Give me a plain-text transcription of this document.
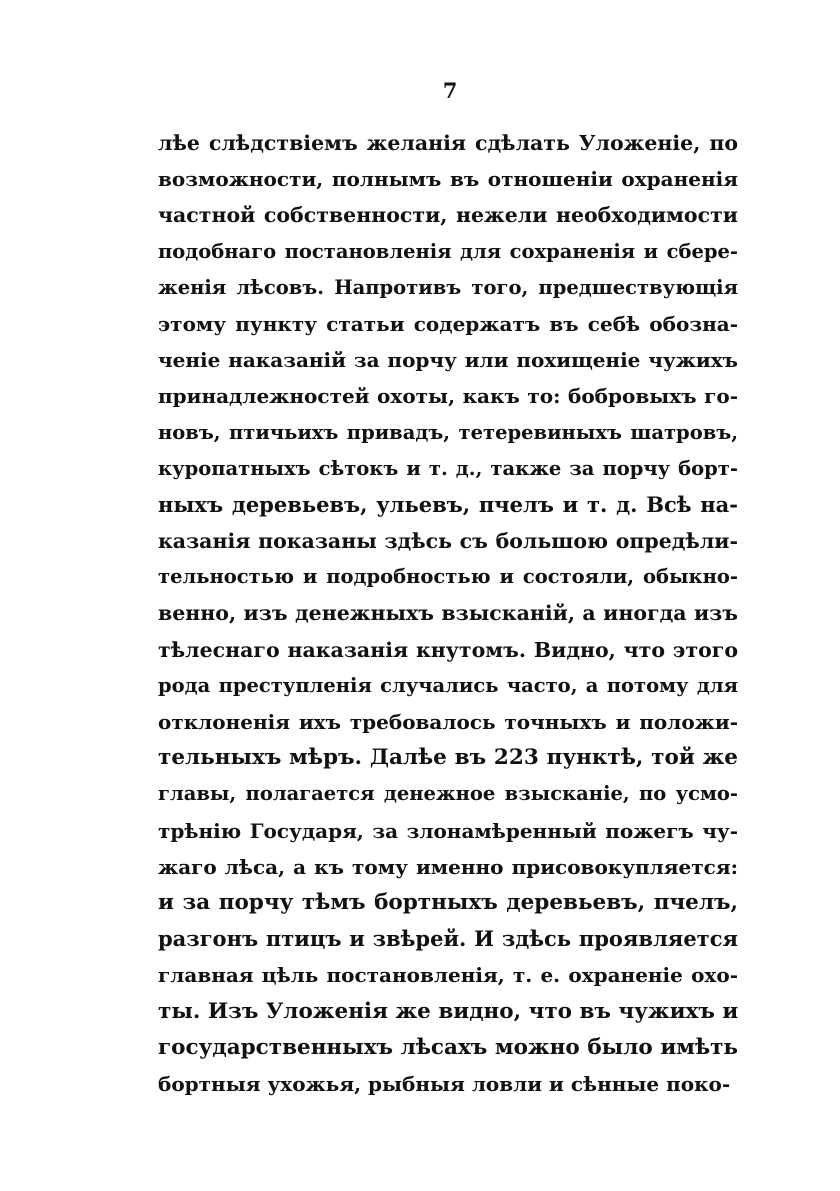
7
лѣе слѣдствіемъ желанія сдѣлать Уложеніе, по
возможности, полнымъ въ отношеніи охраненія
частной собственности, нежели необходимости
подобнаго постановленія для сохраненія и сбере-
женія лѣсовъ. Напротивъ того, предшествующія
этому пункту статьи содержатъ въ себѣ обозна-
ченіе наказаній за порчу или похищеніе чужихъ
принадлежностей охоты, какъ то: бобровыхъ го-
новъ, птичьихъ привадъ, тетеревиныхъ шатровъ,
куропатныхъ сѣтокъ и т. д., также за порчу борт-
ныхъ деревьевъ, ульевъ, пчелъ и т. д. Всѣ на-
казанія показаны здѣсь съ большою опредѣли-
тельностью и подробностью и состояли, обыкно-
венно, изъ денежныхъ взысканій, а иногда изъ
тѣлеснаго наказанія кнутомъ. Видно, что этого
рода преступленія случались часто, а потому для
отклоненія ихъ требовалось точныхъ и положи-
тельныхъ мѣръ. Далѣе въ 223 пунктѣ, той же
главы, полагается денежное взысканіе, по усмо-
трѣнію Государя, за злонамѣренный пожегъ чу-
жаго лѣса, а къ тому именно присовокупляется:
и за порчу тѣмъ бортныхъ деревьевъ, пчелъ,
разгонъ птицъ и звѣрей. И здѣсь проявляется
главная цѣль постановленія, т. е. охраненіе охо-
ты. Изъ Уложенія же видно, что въ чужихъ и
государственныхъ лѣсахъ можно было имѣть
бортныя ухожья, рыбныя ловли и сѣнные поко-
